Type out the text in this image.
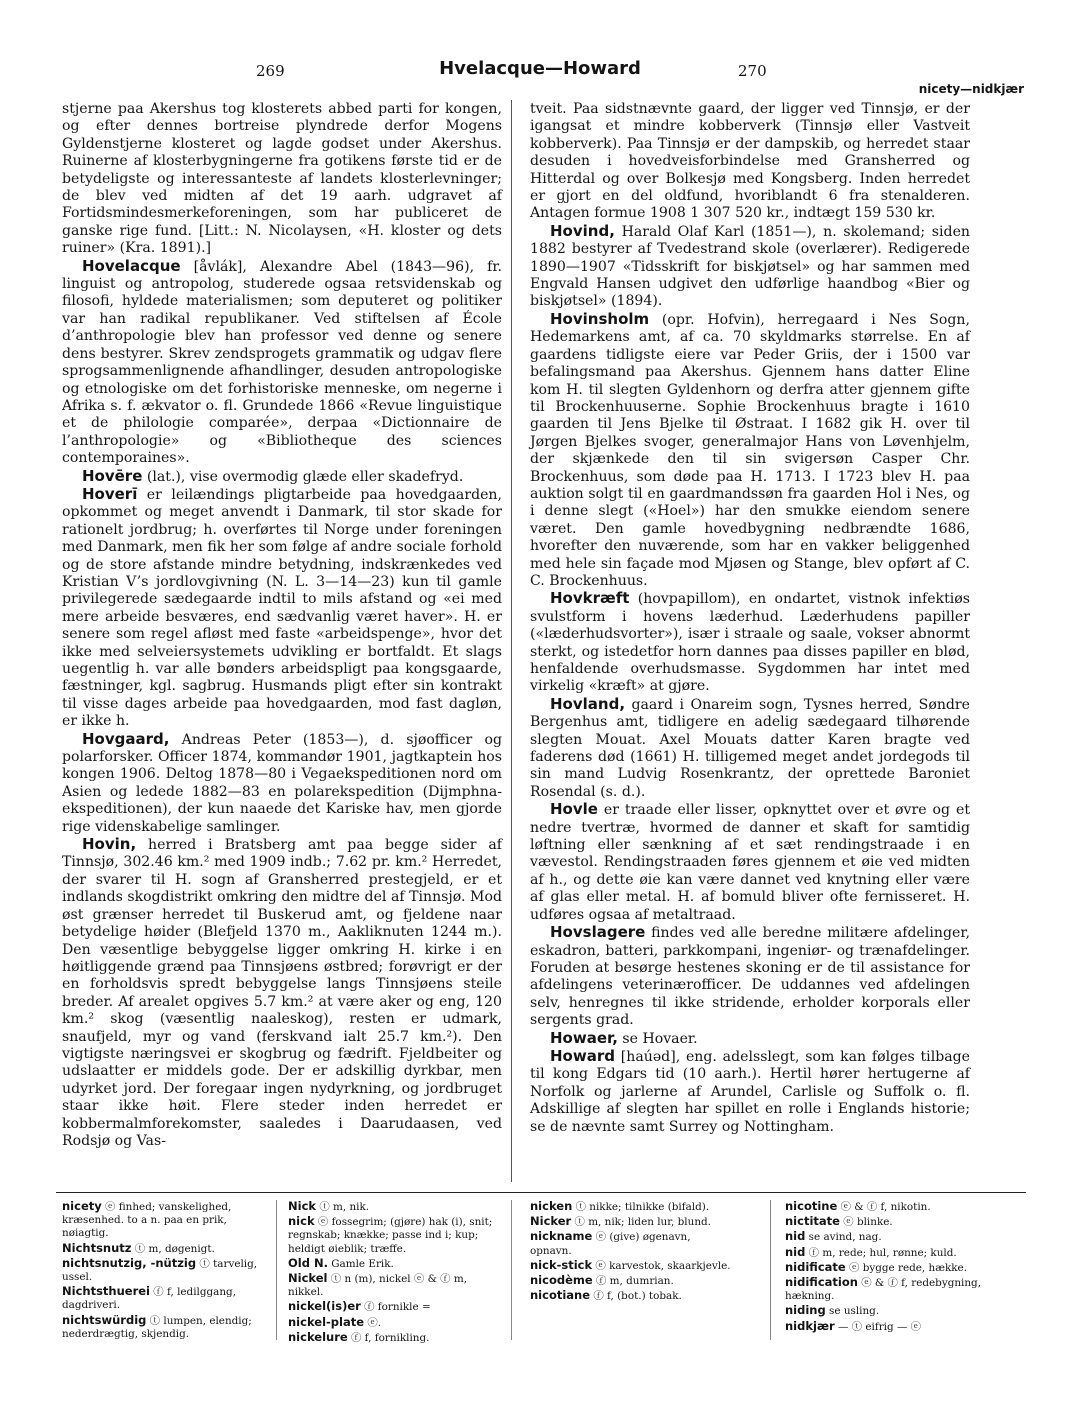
269	Hvelacque—Howard	270
nicety—nidkjær

stjerne paa Akershus tog klosterets abbed parti for kongen, og efter dennes bortreise plyndrede derfor Mogens Gyldenstjerne klosteret og lagde godset under Akershus. Ruinerne af klosterbygningerne fra gotikens første tid er de betydeligste og interessanteste af landets klosterlevninger; de blev ved midten af det 19 aarh. udgravet af Fortidsmindesmerkeforeningen, som har publiceret de ganske rige fund. [Litt.: N. Nicolaysen, «H. kloster og dets ruiner» (Kra. 1891).]

Hovelacque [åvlák], Alexandre Abel (1843—96), fr. linguist og antropolog, studerede ogsaa retsvidenskab og filosofi, hyldede materialismen; som deputeret og politiker var han radikal republikaner. Ved stiftelsen af École d’anthropologie blev han professor ved denne og senere dens bestyrer. Skrev zendsprogets grammatik og udgav flere sprogsammenlignende afhandlinger, desuden antropologiske og etnologiske om det forhistoriske menneske, om negerne i Afrika s. f. ækvator o. fl. Grundede 1866 «Revue linguistique et de philologie comparée», derpaa «Dictionnaire de l’anthropologie» og «Bibliotheque des sciences contemporaines».

Hovēre (lat.), vise overmodig glæde eller skadefryd.

Hoverī er leilændings pligtarbeide paa hovedgaarden, opkommet og meget anvendt i Danmark, til stor skade for rationelt jordbrug; h. overførtes til Norge under foreningen med Danmark, men fik her som følge af andre sociale forhold og de store afstande mindre betydning, indskrænkedes ved Kristian V’s jordlovgivning (N. L. 3—14—23) kun til gamle privilegerede sædegaarde indtil to mils afstand og «ei med mere arbeide besværes, end sædvanlig været haver». H. er senere som regel afløst med faste «arbeidspenge», hvor det ikke med selveiersystemets udvikling er bortfaldt. Et slags uegentlig h. var alle bønders arbeidspligt paa kongsgaarde, fæstninger, kgl. sagbrug. Husmands pligt efter sin kontrakt til visse dages arbeide paa hovedgaarden, mod fast dagløn, er ikke h.

Hovgaard, Andreas Peter (1853—), d. sjøofficer og polarforsker. Officer 1874, kommandør 1901, jagtkaptein hos kongen 1906. Deltog 1878—80 i Vegaekspeditionen nord om Asien og ledede 1882—83 en polarekspedition (Dijmphna-ekspeditionen), der kun naaede det Kariske hav, men gjorde rige videnskabelige samlinger.

Hovin, herred i Bratsberg amt paa begge sider af Tinnsjø, 302.46 km.² med 1909 indb.; 7.62 pr. km.² Herredet, der svarer til H. sogn af Gransherred prestegjeld, er et indlands skogdistrikt omkring den midtre del af Tinnsjø. Mod øst grænser herredet til Buskerud amt, og fjeldene naar betydelige høider (Blefjeld 1370 m., Aakliknuten 1244 m.). Den væsentlige bebyggelse ligger omkring H. kirke i en høitliggende grænd paa Tinnsjøens østbred; forøvrigt er der en forholdsvis spredt bebyggelse langs Tinnsjøens steile breder. Af arealet opgives 5.7 km.² at være aker og eng, 120 km.² skog (væsentlig naaleskog), resten er udmark, snaufjeld, myr og vand (ferskvand ialt 25.7 km.²). Den vigtigste næringsvei er skogbrug og fædrift. Fjeldbeiter og udslaatter er middels gode. Der er adskillig dyrkbar, men udyrket jord. Der foregaar ingen nydyrkning, og jordbruget staar ikke høit. Flere steder inden herredet er kobbermalmforekomster, saaledes i Daarudaasen, ved Rodsjø og Vas-

tveit. Paa sidstnævnte gaard, der ligger ved Tinnsjø, er der igangsat et mindre kobberverk (Tinnsjø eller Vastveit kobberverk). Paa Tinnsjø er der dampskib, og herredet staar desuden i hovedveisforbindelse med Gransherred og Hitterdal og over Bolkesjø med Kongsberg. Inden herredet er gjort en del oldfund, hvoriblandt 6 fra stenalderen. Antagen formue 1908 1 307 520 kr., indtægt 159 530 kr.

Hovind, Harald Olaf Karl (1851—), n. skolemand; siden 1882 bestyrer af Tvedestrand skole (overlærer). Redigerede 1890—1907 «Tidsskrift for biskjøtsel» og har sammen med Engvald Hansen udgivet den udførlige haandbog «Bier og biskjøtsel» (1894).

Hovinsholm (opr. Hofvin), herregaard i Nes Sogn, Hedemarkens amt, af ca. 70 skyldmarks størrelse. En af gaardens tidligste eiere var Peder Griis, der i 1500 var befalingsmand paa Akershus. Gjennem hans datter Eline kom H. til slegten Gyldenhorn og derfra atter gjennem gifte til Brockenhuuserne. Sophie Brockenhuus bragte i 1610 gaarden til Jens Bjelke til Østraat. I 1682 gik H. over til Jørgen Bjelkes svoger, generalmajor Hans von Løvenhjelm, der skjænkede den til sin svigersøn Casper Chr. Brockenhuus, som døde paa H. 1713. I 1723 blev H. paa auktion solgt til en gaardmandssøn fra gaarden Hol i Nes, og i denne slegt («Hoel») har den smukke eiendom senere været. Den gamle hovedbygning nedbrændte 1686, hvorefter den nuværende, som har en vakker beliggenhed med hele sin façade mod Mjøsen og Stange, blev opført af C. C. Brockenhuus.

Hovkræft (hovpapillom), en ondartet, vistnok infektiøs svulstform i hovens læderhud. Læderhudens papiller («læderhudsvorter»), især i straale og saale, vokser abnormt sterkt, og istedetfor horn dannes paa disses papiller en blød, henfaldende overhudsmasse. Sygdommen har intet med virkelig «kræft» at gjøre.

Hovland, gaard i Onareim sogn, Tysnes herred, Søndre Bergenhus amt, tidligere en adelig sædegaard tilhørende slegten Mouat. Axel Mouats datter Karen bragte ved faderens død (1661) H. tilligemed meget andet jordegods til sin mand Ludvig Rosenkrantz, der oprettede Baroniet Rosendal (s. d.).

Hovle er traade eller lisser, opknyttet over et øvre og et nedre tvertræ, hvormed de danner et skaft for samtidig løftning eller sænkning af et sæt rendingstraade i en vævestol. Rendingstraaden føres gjennem et øie ved midten af h., og dette øie kan være dannet ved knytning eller være af glas eller metal. H. af bomuld bliver ofte fernisseret. H. udføres ogsaa af metaltraad.

Hovslagere findes ved alle beredne militære afdelinger, eskadron, batteri, parkkompani, ingeniør- og trænafdelinger. Foruden at besørge hestenes skoning er de til assistance for afdelingens veterinærofficer. De uddannes ved afdelingen selv, henregnes til ikke stridende, erholder korporals eller sergents grad.

Howaer, se Hovaer.

Howard [haúəd], eng. adelsslegt, som kan følges tilbage til kong Edgars tid (10 aarh.). Hertil hører hertugerne af Norfolk og jarlerne af Arundel, Carlisle og Suffolk o. fl. Adskillige af slegten har spillet en rolle i Englands historie; se de nævnte samt Surrey og Nottingham.

nicety ⓔ finhed; vanskelighed, kræsenhed. to a n. paa en prik, nøiagtig.

Nichtsnutz ⓣ m, døgenigt.

nichtsnutzig, -nützig ⓣ tarvelig, ussel.

Nichtsthuerei ⓕ f, ledilggang, dagdriveri.

nichtswürdig ⓣ lumpen, elendig; nederdrægtig, skjendig.

Nick ⓣ m, nik.

nick ⓔ fossegrim; (gjøre) hak (i), snit; regnskab; knække; passe ind i; kup; heldigt øieblik; træffe.

Old N. Gamle Erik.

Nickel ⓣ n (m), nickel ⓔ & ⓕ m, nikkel.

nickel(is)er ⓕ fornikle =

nickel-plate ⓔ.

nickelure ⓕ f, fornikling.

nicken ⓣ nikke; tilnikke (bifald).

Nicker ⓣ m, nik; liden lur, blund.

nickname ⓔ (give) øgenavn, opnavn.

nick-stick ⓔ karvestok, skaarkjevle.

nicodème ⓕ m, dumrian.

nicotiane ⓕ f, (bot.) tobak.

nicotine ⓔ & ⓕ f, nikotin.

nictitate ⓔ blinke.

nid se avind, nag.

nid ⓕ m, rede; hul, rønne; kuld.

nidificate ⓔ bygge rede, hække.

nidification ⓔ & ⓕ f, redebygning, hækning.

niding se usling.

nidkjær — ⓣ eifrig — ⓔ
